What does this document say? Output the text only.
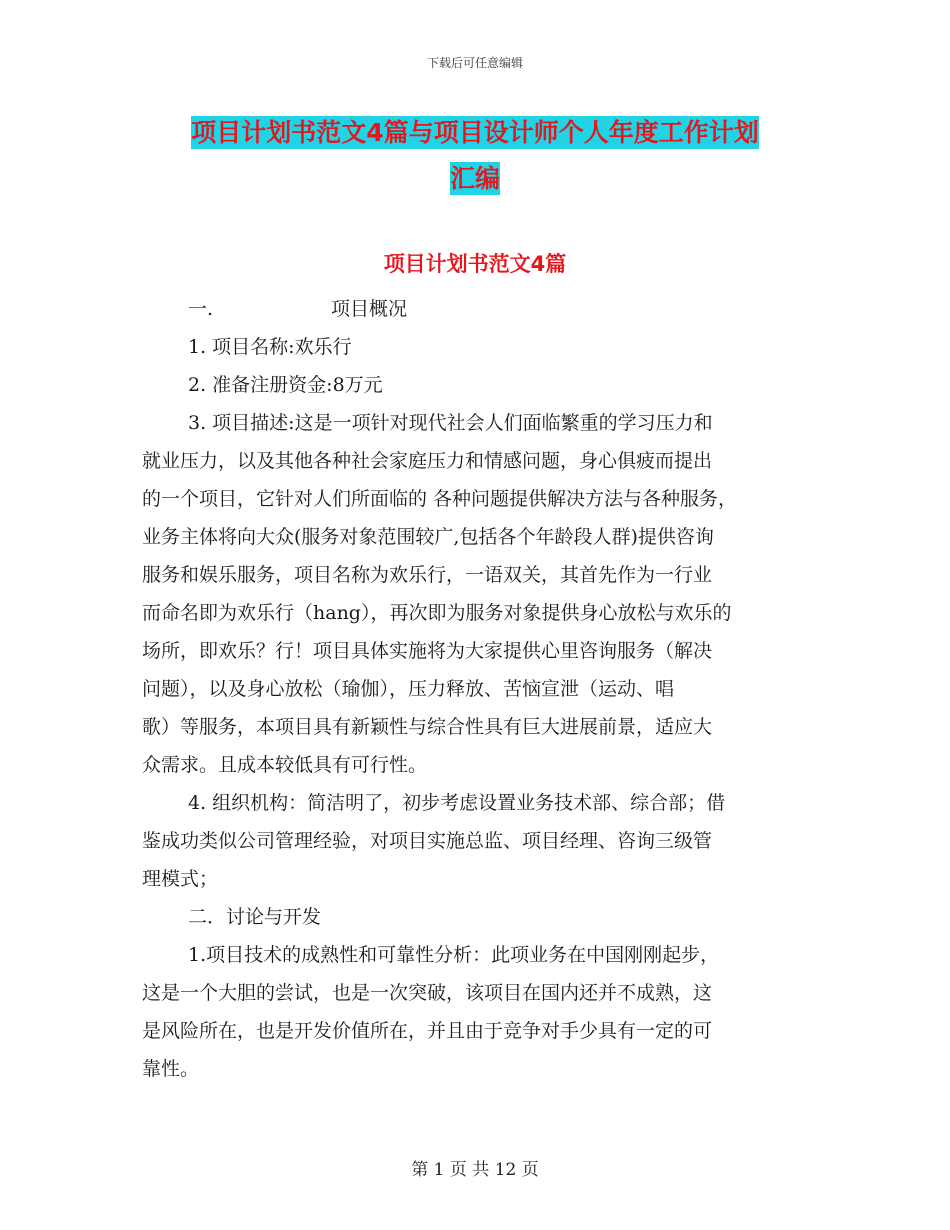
下载后可任意编辑
项目计划书范文4篇与项目设计师个人年度工作计划
汇编
项目计划书范文4篇

一.	项目概况

1. 项目名称:欢乐行

2. 准备注册资金:8万元

3. 项目描述:这是一项针对现代社会人们面临繁重的学习压力和
就业压力，以及其他各种社会家庭压力和情感问题，身心俱疲而提出
的一个项目，它针对人们所面临的 各种问题提供解决方法与各种服务，
业务主体将向大众(服务对象范围较广,包括各个年龄段人群)提供咨询
服务和娱乐服务，项目名称为欢乐行，一语双关，其首先作为一行业
而命名即为欢乐行（hang），再次即为服务对象提供身心放松与欢乐的
场所，即欢乐？行！项目具体实施将为大家提供心里咨询服务（解决
问题），以及身心放松（瑜伽），压力释放、苦恼宣泄（运动、唱
歌）等服务，本项目具有新颖性与综合性具有巨大进展前景，适应大
众需求。且成本较低具有可行性。

4. 组织机构：简洁明了，初步考虑设置业务技术部、综合部；借
鉴成功类似公司管理经验，对项目实施总监、项目经理、咨询三级管
理模式；

二．讨论与开发

1.项目技术的成熟性和可靠性分析：此项业务在中国刚刚起步，
这是一个大胆的尝试，也是一次突破，该项目在国内还并不成熟，这
是风险所在，也是开发价值所在，并且由于竞争对手少具有一定的可
靠性。

第 1 页 共 12 页
